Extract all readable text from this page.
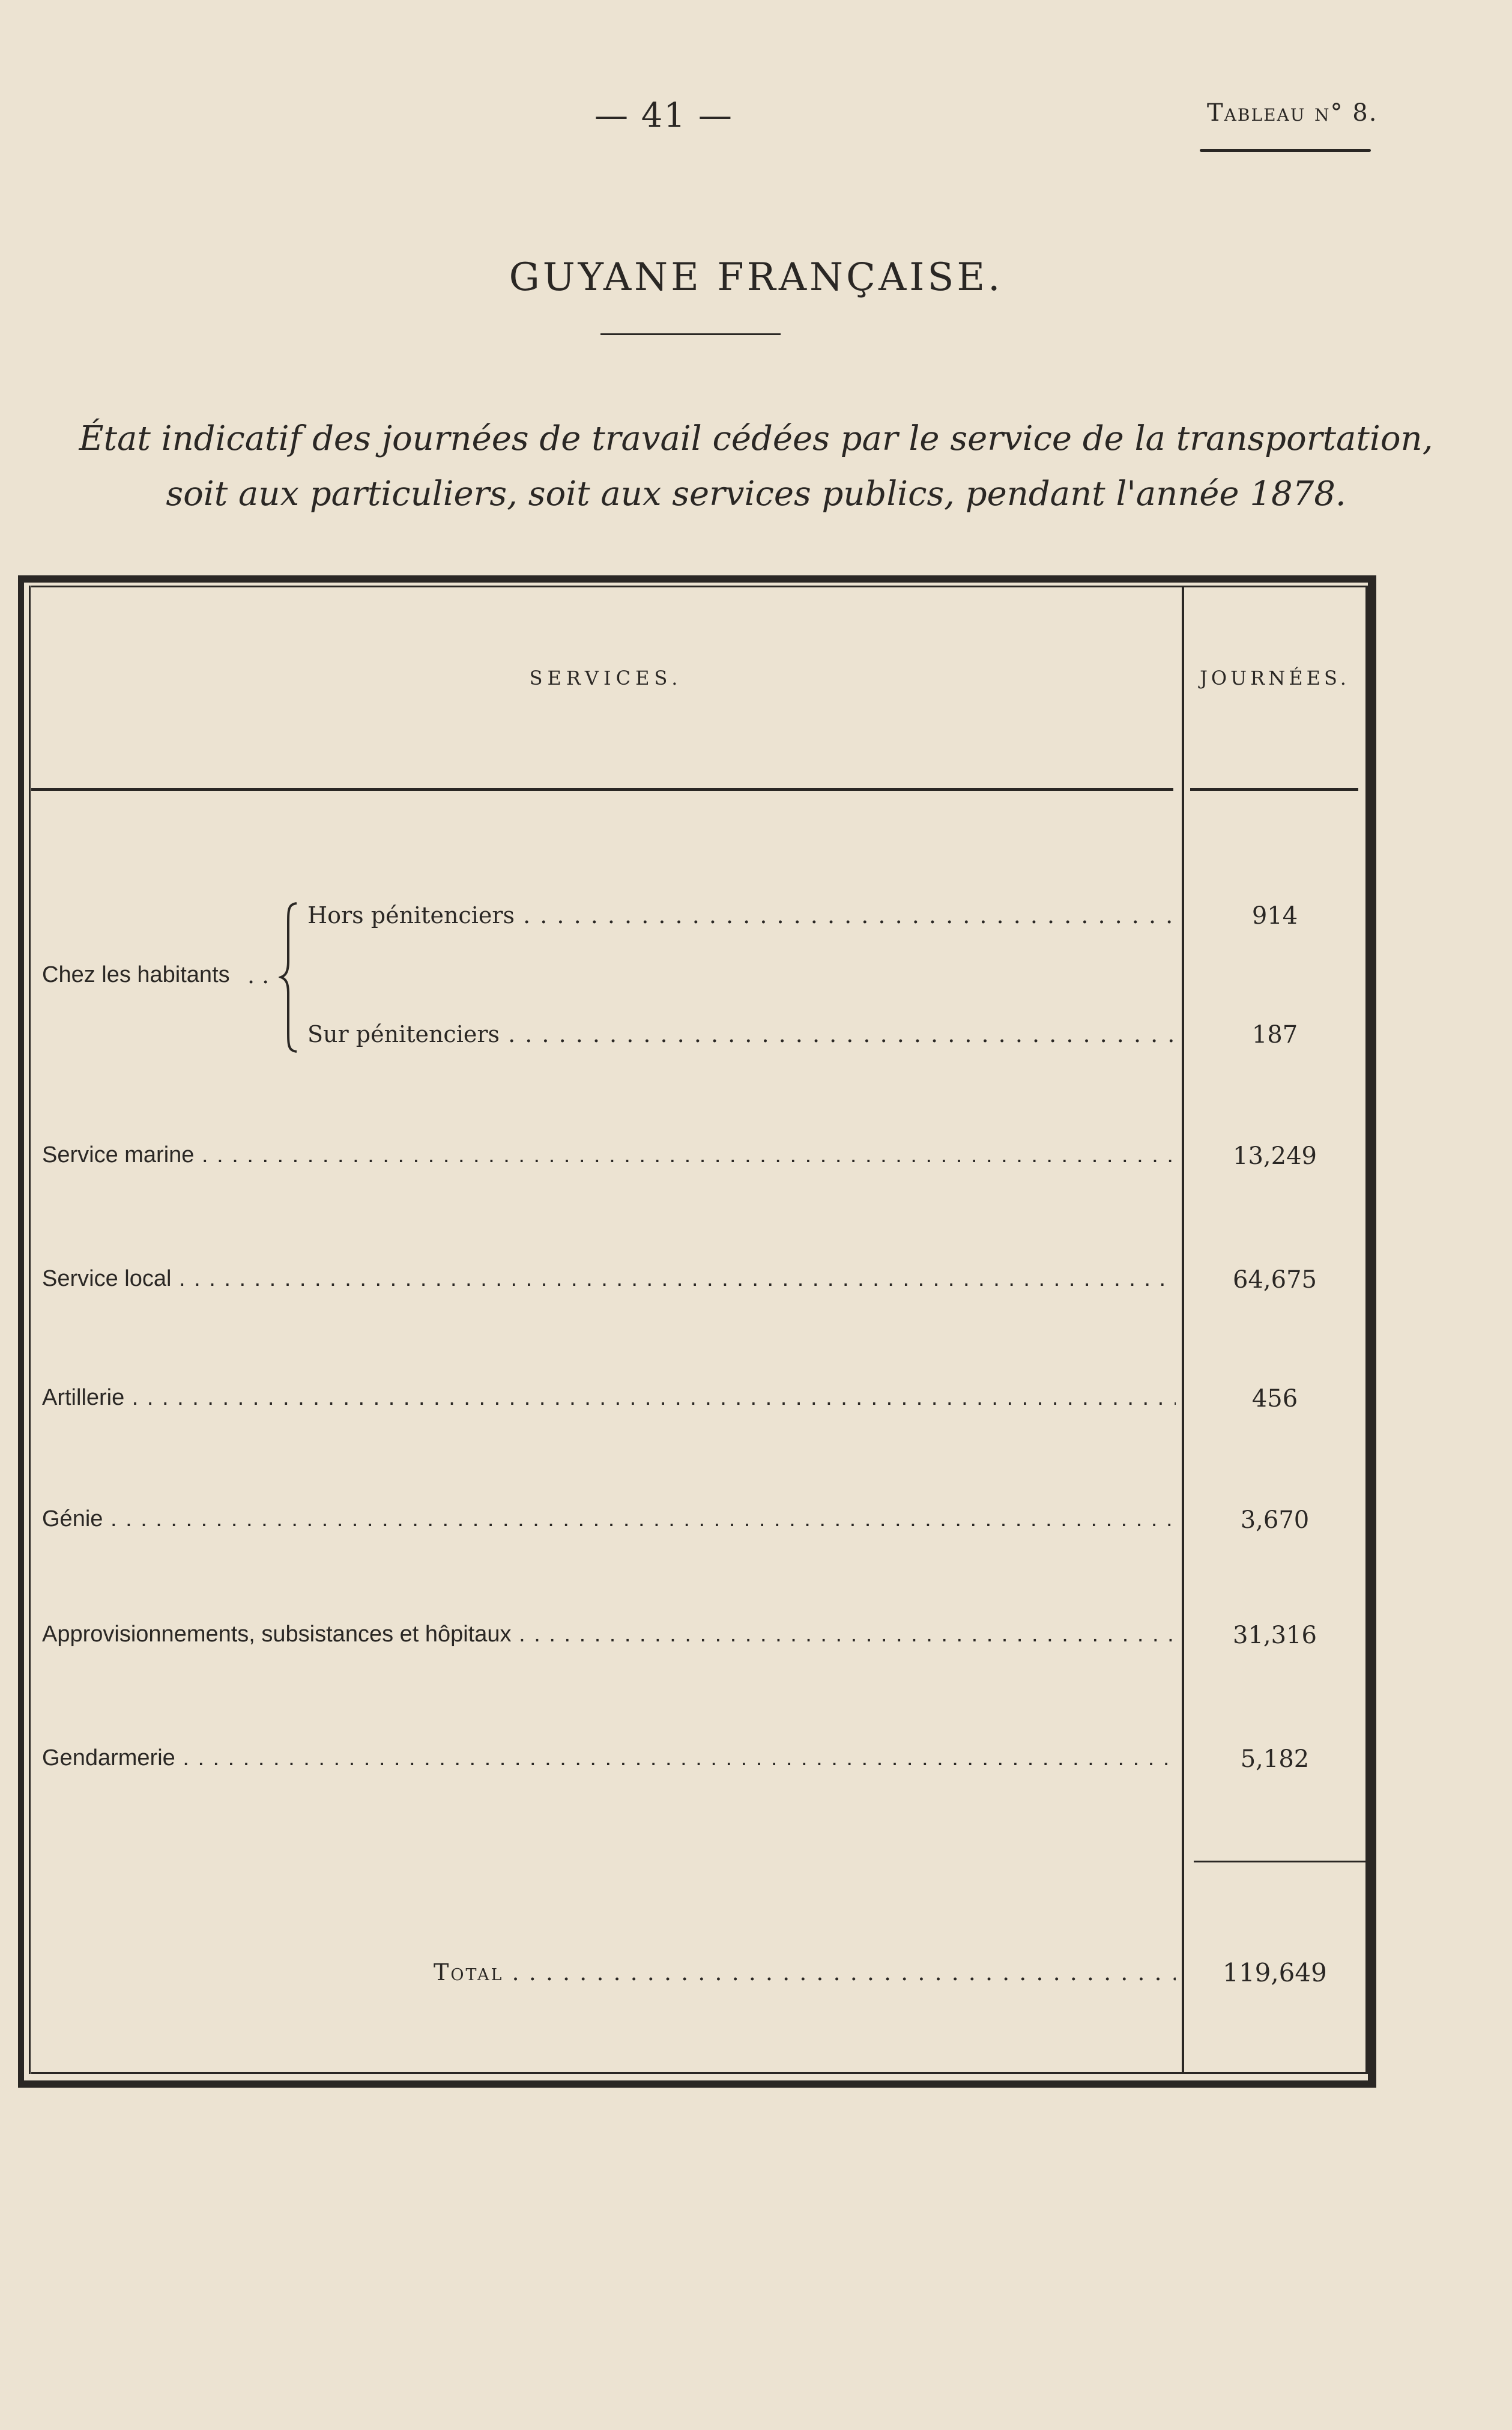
— 41 —	Tableau n° 8.
GUYANE FRANÇAISE.
État indicatif des journées de travail cédées par le service de la transportation,
soit aux particuliers, soit aux services publics, pendant l'année 1878.
SERVICES.	JOURNÉES.
Chez les habitants . .
Hors pénitenciers . . .	914
Sur pénitenciers . . .	187
Service marine . . .	13,249
Service local . . .	64,675
Artillerie . . .	456
Génie . . .	3,670
Approvisionnements, subsistances et hôpitaux . . .	31,316
Gendarmerie . . .	5,182
Total . . .	119,649
